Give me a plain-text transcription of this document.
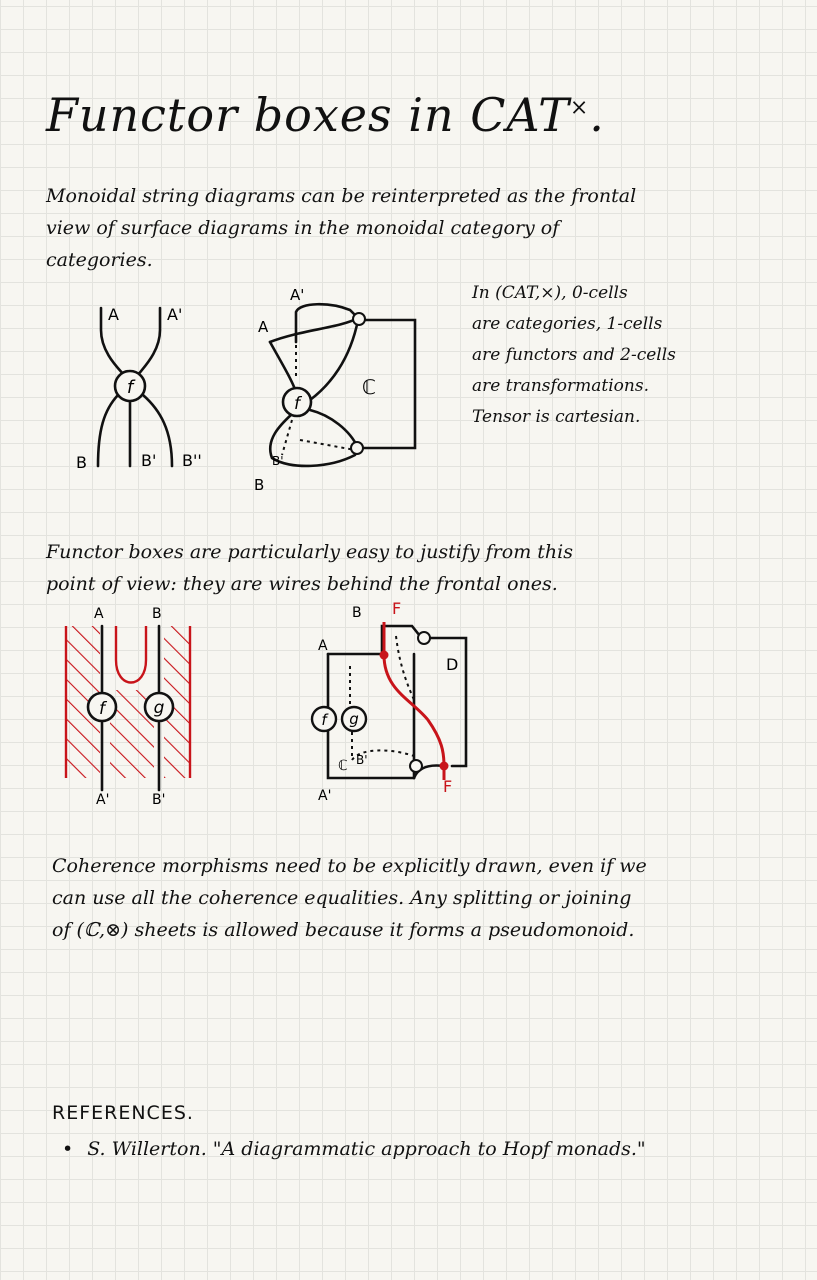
Functor boxes in CAT×.
Monoidal string diagrams can be reinterpreted as the frontal
view of surface diagrams in the monoidal category of
categories.
In (CAT,×), 0-cells
are categories, 1-cells
are functors and 2-cells
are transformations.
Tensor is cartesian.
f
A	A'
B	B' B''
f
A'
A
ℂ
B'
B
Functor boxes are particularly easy to justify from this
point of view: they are wires behind the frontal ones.
f	g
A	B
A'	B'
f g
B F
A
D
ℂ B'
A'	F
Coherence morphisms need to be explicitly drawn, even if we
can use all the coherence equalities. Any splitting or joining
of (ℂ,⊗) sheets is allowed because it forms a pseudomonoid.
REFERENCES.
• S. Willerton. "A diagrammatic approach to Hopf monads."
